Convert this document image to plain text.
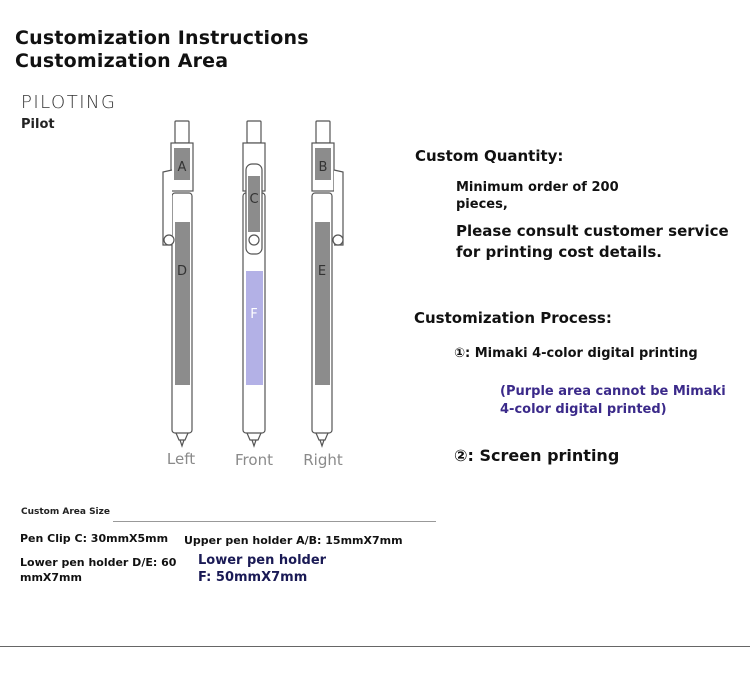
Customization Instructions
Customization Area
PILOTING
Pilot
A
D
C
F
B
E
Left	Front	Right
Custom Quantity:
Minimum order of 200 pieces,
Please consult customer service for printing cost details.
Customization Process:
①: Mimaki 4-color digital printing
(Purple area cannot be Mimaki 4-color digital printed)
②: Screen printing
Custom Area Size
Pen Clip C: 30mmX5mm Upper pen holder A/B: 15mmX7mm
Lower pen holder D/E: 60 mmX7mm
Lower pen holder F: 50mmX7mm
